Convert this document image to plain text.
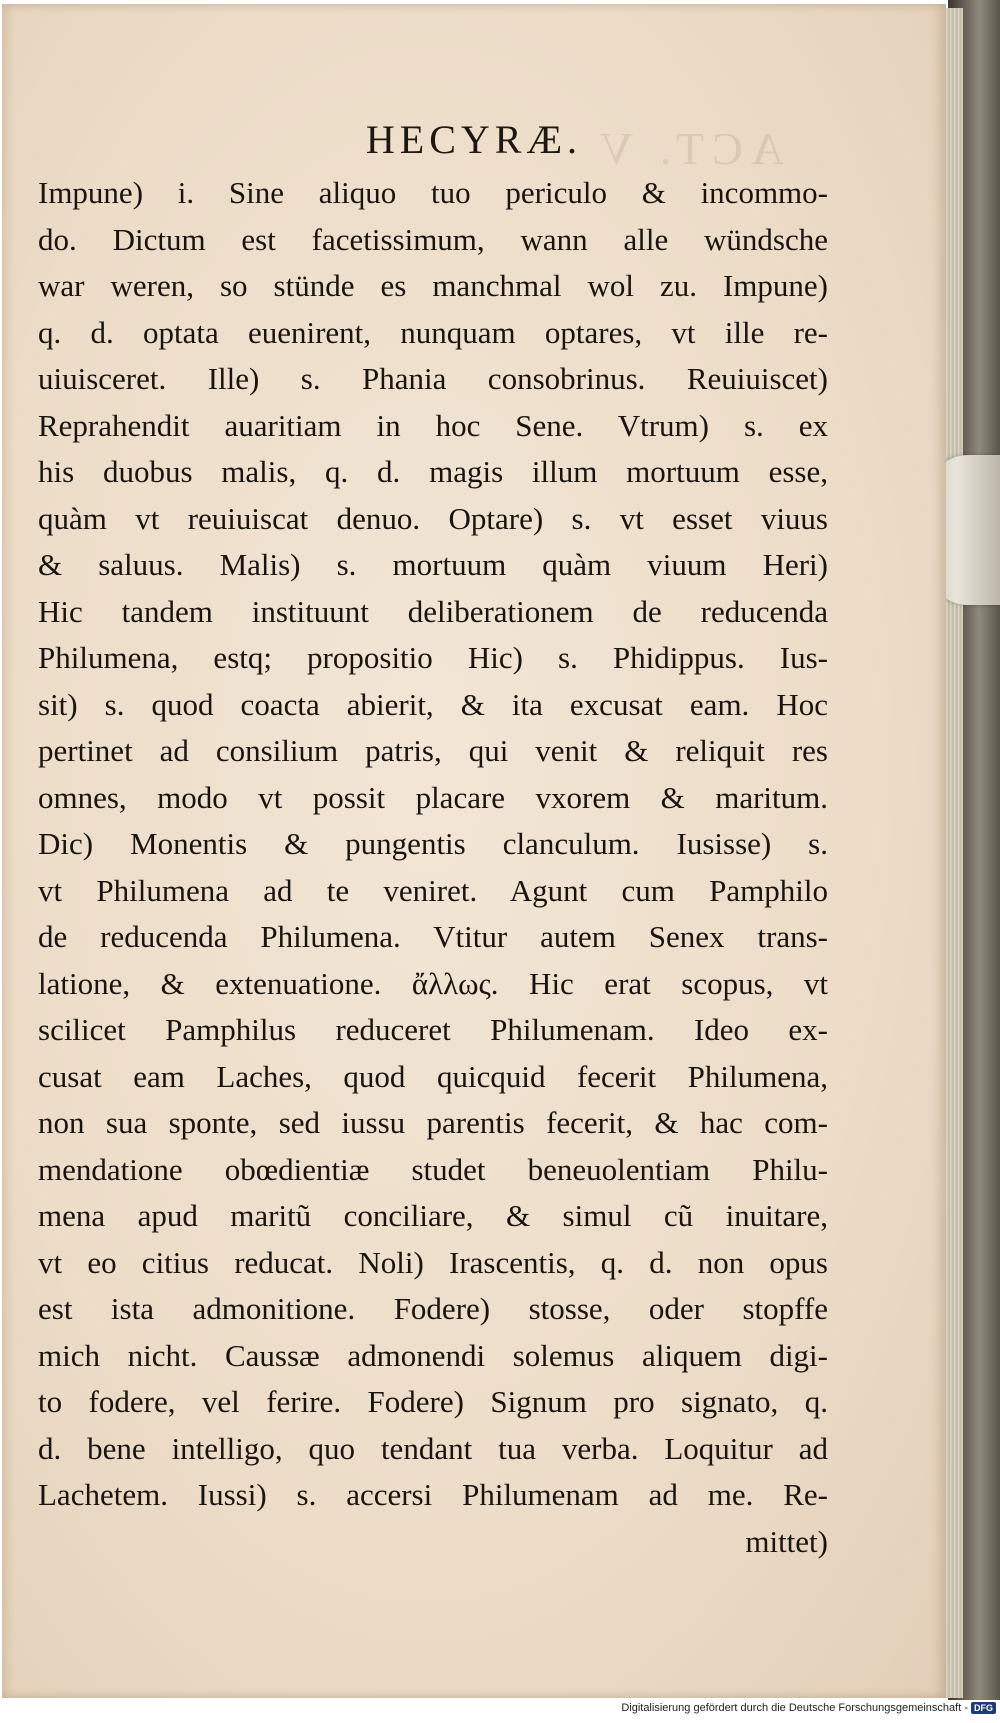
ACT. V
HECYRÆ.
Impune) i. Sine aliquo tuo periculo & incommo-
do. Dictum est facetissimum, wann alle wündsche
war weren, so stünde es manchmal wol zu. Impune)
q. d. optata euenirent, nunquam optares, vt ille re-
uiuisceret. Ille) s. Phania consobrinus. Reuiuiscet)
Reprahendit auaritiam in hoc Sene. Vtrum) s. ex
his duobus malis, q. d. magis illum mortuum esse,
quàm vt reuiuiscat denuo. Optare) s. vt esset viuus
& saluus. Malis) s. mortuum quàm viuum Heri)
Hic tandem instituunt deliberationem de reducenda
Philumena, estq; propositio Hic) s. Phidippus. Ius-
sit) s. quod coacta abierit, & ita excusat eam. Hoc
pertinet ad consilium patris, qui venit & reliquit res
omnes, modo vt possit placare vxorem & maritum.
Dic) Monentis & pungentis clanculum. Iusisse) s.
vt Philumena ad te veniret. Agunt cum Pamphilo
de reducenda Philumena. Vtitur autem Senex trans-
latione, & extenuatione. ἄλλως. Hic erat scopus, vt
scilicet Pamphilus reduceret Philumenam. Ideo ex-
cusat eam Laches, quod quicquid fecerit Philumena,
non sua sponte, sed iussu parentis fecerit, & hac com-
mendatione obœdientiæ studet beneuolentiam Philu-
mena apud maritũ conciliare, & simul cũ inuitare,
vt eo citius reducat. Noli) Irascentis, q. d. non opus
est ista admonitione. Fodere) stosse, oder stopffe
mich nicht. Caussæ admonendi solemus aliquem digi-
to fodere, vel ferire. Fodere) Signum pro signato, q.
d. bene intelligo, quo tendant tua verba. Loquitur ad
Lachetem. Iussi) s. accersi Philumenam ad me. Re-
mittet)
Digitalisierung gefördert durch die Deutsche Forschungsgemeinschaft - DFG
